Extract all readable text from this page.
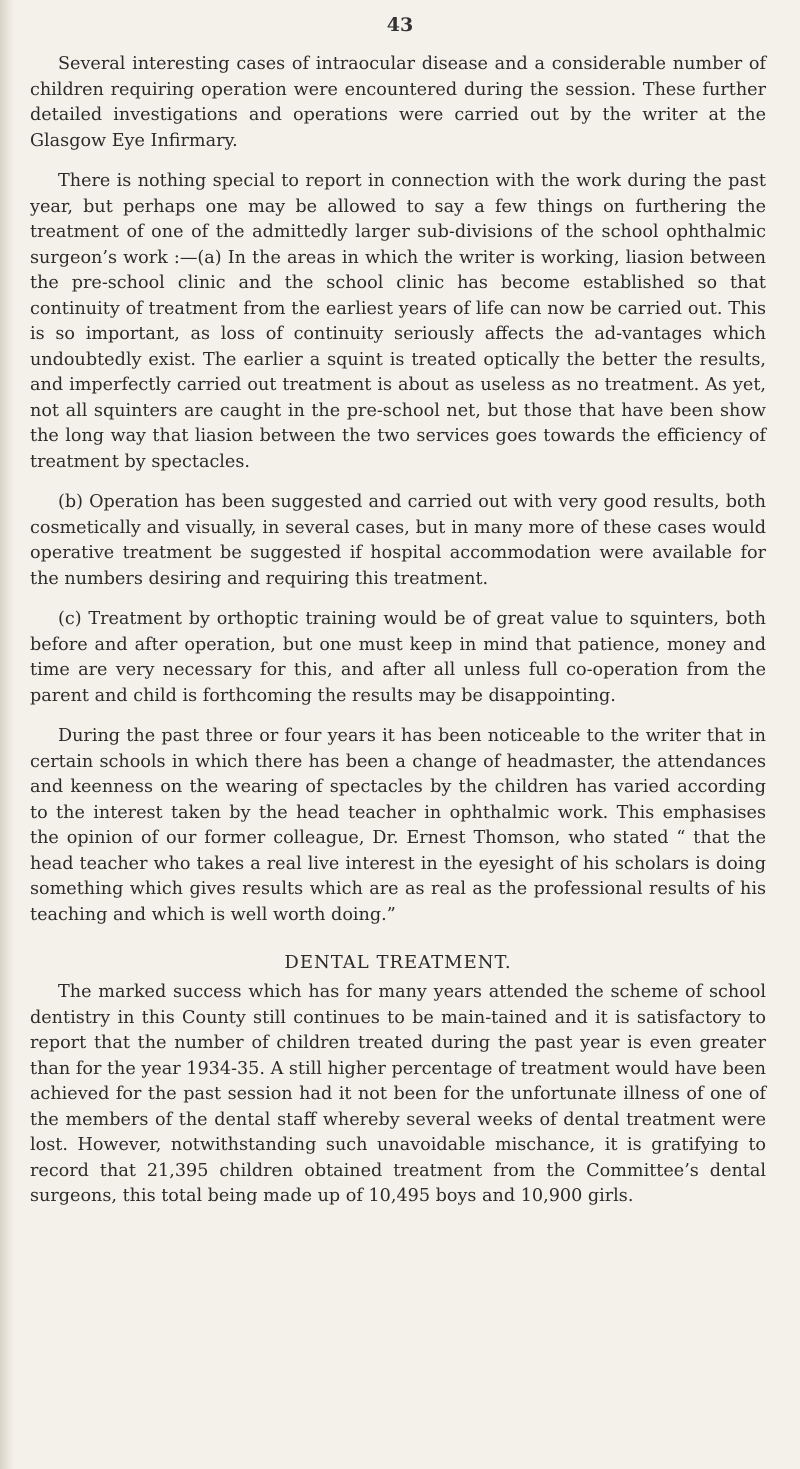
43

Several interesting cases of intraocular disease and a considerable number of children requiring operation were encountered during the session. These further detailed investigations and operations were carried out by the writer at the Glasgow Eye Infirmary.

There is nothing special to report in connection with the work during the past year, but perhaps one may be allowed to say a few things on furthering the treatment of one of the admittedly larger sub-divisions of the school ophthalmic surgeon’s work :—(a) In the areas in which the writer is working, liasion between the pre-school clinic and the school clinic has become established so that continuity of treatment from the earliest years of life can now be carried out. This is so important, as loss of continuity seriously affects the ad-vantages which undoubtedly exist. The earlier a squint is treated optically the better the results, and imperfectly carried out treatment is about as useless as no treatment. As yet, not all squinters are caught in the pre-school net, but those that have been show the long way that liasion between the two services goes towards the efficiency of treatment by spectacles.

(b) Operation has been suggested and carried out with very good results, both cosmetically and visually, in several cases, but in many more of these cases would operative treatment be suggested if hospital accommodation were available for the numbers desiring and requiring this treatment.

(c) Treatment by orthoptic training would be of great value to squinters, both before and after operation, but one must keep in mind that patience, money and time are very necessary for this, and after all unless full co-operation from the parent and child is forthcoming the results may be disappointing.

During the past three or four years it has been noticeable to the writer that in certain schools in which there has been a change of headmaster, the attendances and keenness on the wearing of spectacles by the children has varied according to the interest taken by the head teacher in ophthalmic work. This emphasises the opinion of our former colleague, Dr. Ernest Thomson, who stated “ that the head teacher who takes a real live interest in the eyesight of his scholars is doing something which gives results which are as real as the professional results of his teaching and which is well worth doing.”

DENTAL TREATMENT.

The marked success which has for many years attended the scheme of school dentistry in this County still continues to be main-tained and it is satisfactory to report that the number of children treated during the past year is even greater than for the year 1934-35. A still higher percentage of treatment would have been achieved for the past session had it not been for the unfortunate illness of one of the members of the dental staff whereby several weeks of dental treatment were lost. However, notwithstanding such unavoidable mischance, it is gratifying to record that 21,395 children obtained treatment from the Committee’s dental surgeons, this total being made up of 10,495 boys and 10,900 girls.
